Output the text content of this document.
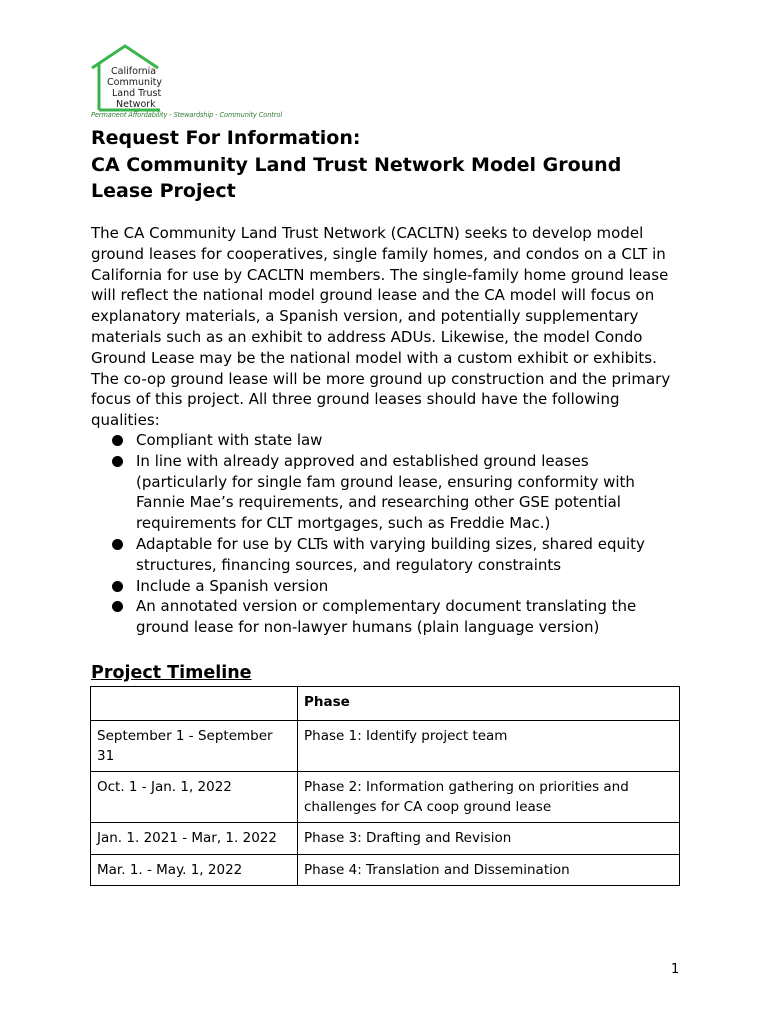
California
Community
Land Trust
Network
Permanent Affordability - Stewardship - Community Control
Request For Information:
CA Community Land Trust Network Model Ground
Lease Project

The CA Community Land Trust Network (CACLTN) seeks to develop model
ground leases for cooperatives, single family homes, and condos on a CLT in
California for use by CACLTN members. The single-family home ground lease
will reflect the national model ground lease and the CA model will focus on
explanatory materials, a Spanish version, and potentially supplementary
materials such as an exhibit to address ADUs. Likewise, the model Condo
Ground Lease may be the national model with a custom exhibit or exhibits.
The co-op ground lease will be more ground up construction and the primary
focus of this project. All three ground leases should have the following
qualities:

Compliant with state law
In line with already approved and established ground leases
(particularly for single fam ground lease, ensuring conformity with
Fannie Mae’s requirements, and researching other GSE potential
requirements for CLT mortgages, such as Freddie Mac.)
Adaptable for use by CLTs with varying building sizes, shared equity
structures, financing sources, and regulatory constraints
Include a Spanish version
An annotated version or complementary document translating the
ground lease for non-lawyer humans (plain language version)
Project Timeline
	Phase
September 1 - September 31	Phase 1: Identify project team
Oct. 1 - Jan. 1, 2022	Phase 2: Information gathering on priorities and challenges for CA coop ground lease
Jan. 1. 2021 - Mar, 1. 2022	Phase 3: Drafting and Revision
Mar. 1. - May. 1, 2022	Phase 4: Translation and Dissemination
1
